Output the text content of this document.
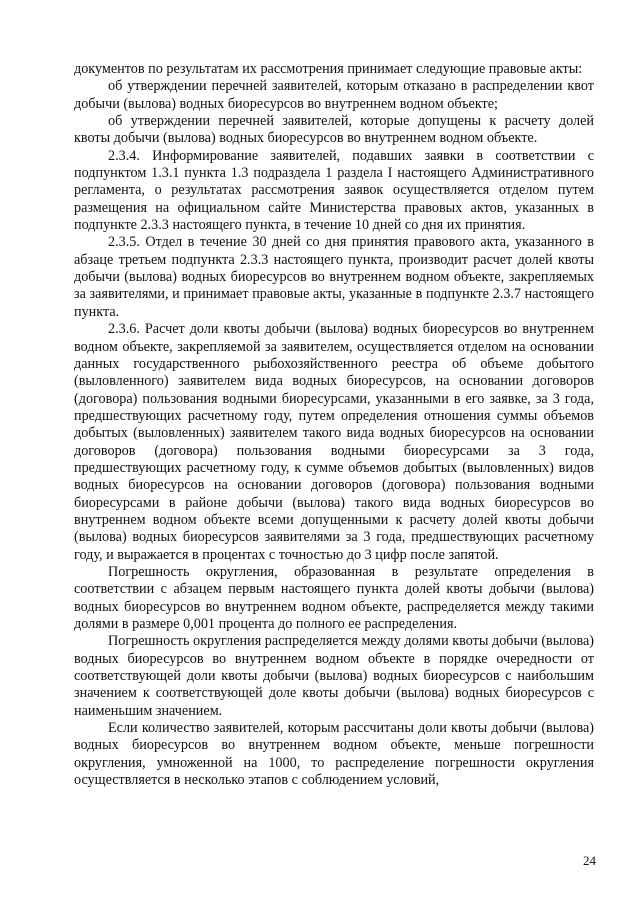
документов по результатам их рассмотрения принимает следующие правовые акты:

об утверждении перечней заявителей, которым отказано в распределении квот добычи (вылова) водных биоресурсов во внутреннем водном объекте;

об утверждении перечней заявителей, которые допущены к расчету долей квоты добычи (вылова) водных биоресурсов во внутреннем водном объекте.

2.3.4. Информирование заявителей, подавших заявки в соответствии с подпунктом 1.3.1 пункта 1.3 подраздела 1 раздела I настоящего Административного регламента, о результатах рассмотрения заявок осуществляется отделом путем размещения на официальном сайте Министерства правовых актов, указанных в подпункте 2.3.3 настоящего пункта, в течение 10 дней со дня их принятия.

2.3.5. Отдел в течение 30 дней со дня принятия правового акта, указанного в абзаце третьем подпункта 2.3.3 настоящего пункта, производит расчет долей квоты добычи (вылова) водных биоресурсов во внутреннем водном объекте, закрепляемых за заявителями, и принимает правовые акты, указанные в подпункте 2.3.7 настоящего пункта.

2.3.6. Расчет доли квоты добычи (вылова) водных биоресурсов во внутреннем водном объекте, закрепляемой за заявителем, осуществляется отделом на основании данных государственного рыбохозяйственного реестра об объеме добытого (выловленного) заявителем вида водных биоресурсов, на основании договоров (договора) пользования водными биоресурсами, указанными в его заявке, за 3 года, предшествующих расчетному году, путем определения отношения суммы объемов добытых (выловленных) заявителем такого вида водных биоресурсов на основании договоров (договора) пользования водными биоресурсами за 3 года, предшествующих расчетному году, к сумме объемов добытых (выловленных) видов водных биоресурсов на основании договоров (договора) пользования водными биоресурсами в районе добычи (вылова) такого вида водных биоресурсов во внутреннем водном объекте всеми допущенными к расчету долей квоты добычи (вылова) водных биоресурсов заявителями за 3 года, предшествующих расчетному году, и выражается в процентах с точностью до 3 цифр после запятой.

Погрешность округления, образованная в результате определения в соответствии с абзацем первым настоящего пункта долей квоты добычи (вылова) водных биоресурсов во внутреннем водном объекте, распределяется между такими долями в размере 0,001 процента до полного ее распределения.

Погрешность округления распределяется между долями квоты добычи (вылова) водных биоресурсов во внутреннем водном объекте в порядке очередности от соответствующей доли квоты добычи (вылова) водных биоресурсов с наибольшим значением к соответствующей доле квоты добычи (вылова) водных биоресурсов с наименьшим значением.

Если количество заявителей, которым рассчитаны доли квоты добычи (вылова) водных биоресурсов во внутреннем водном объекте, меньше погрешности округления, умноженной на 1000, то распределение погрешности округления осуществляется в несколько этапов с соблюдением условий,

24
